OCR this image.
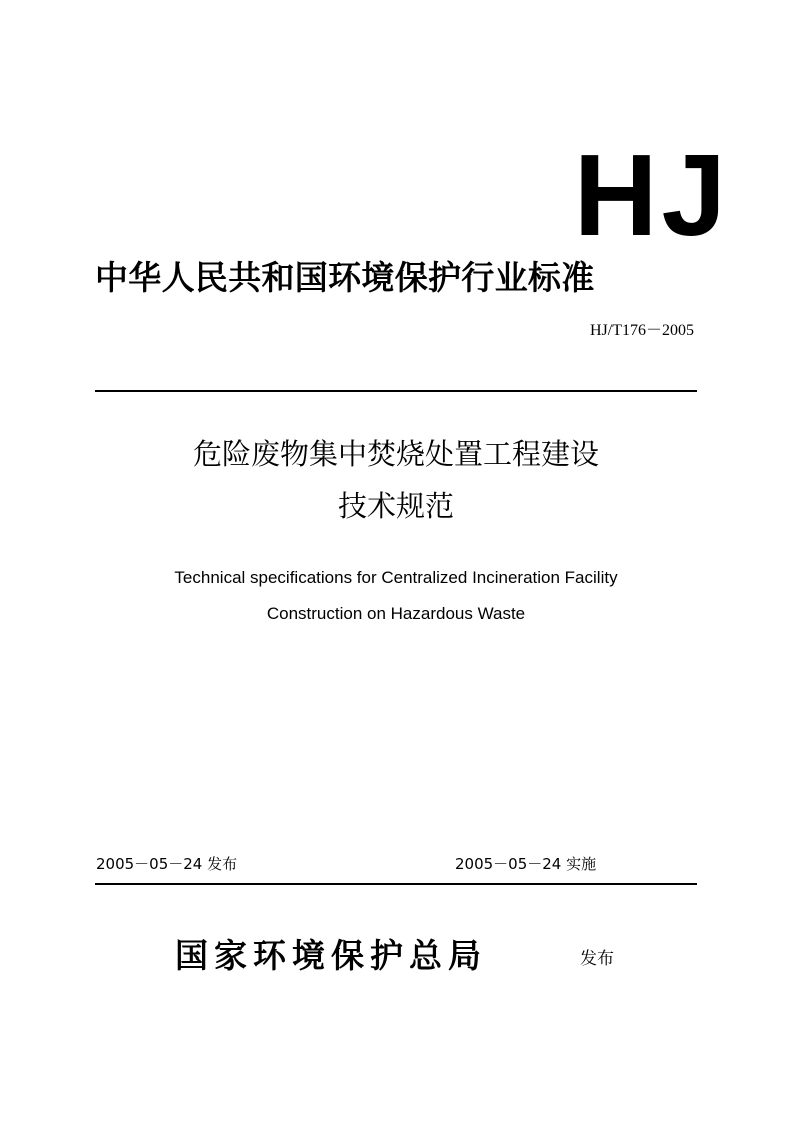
HJ
中华人民共和国环境保护行业标准
HJ/T176－2005
危险废物集中焚烧处置工程建设
技术规范
Technical specifications for Centralized Incineration Facility
Construction on Hazardous Waste
2005－05－24 发布	2005－05－24 实施
国家环境保护总局	发布
